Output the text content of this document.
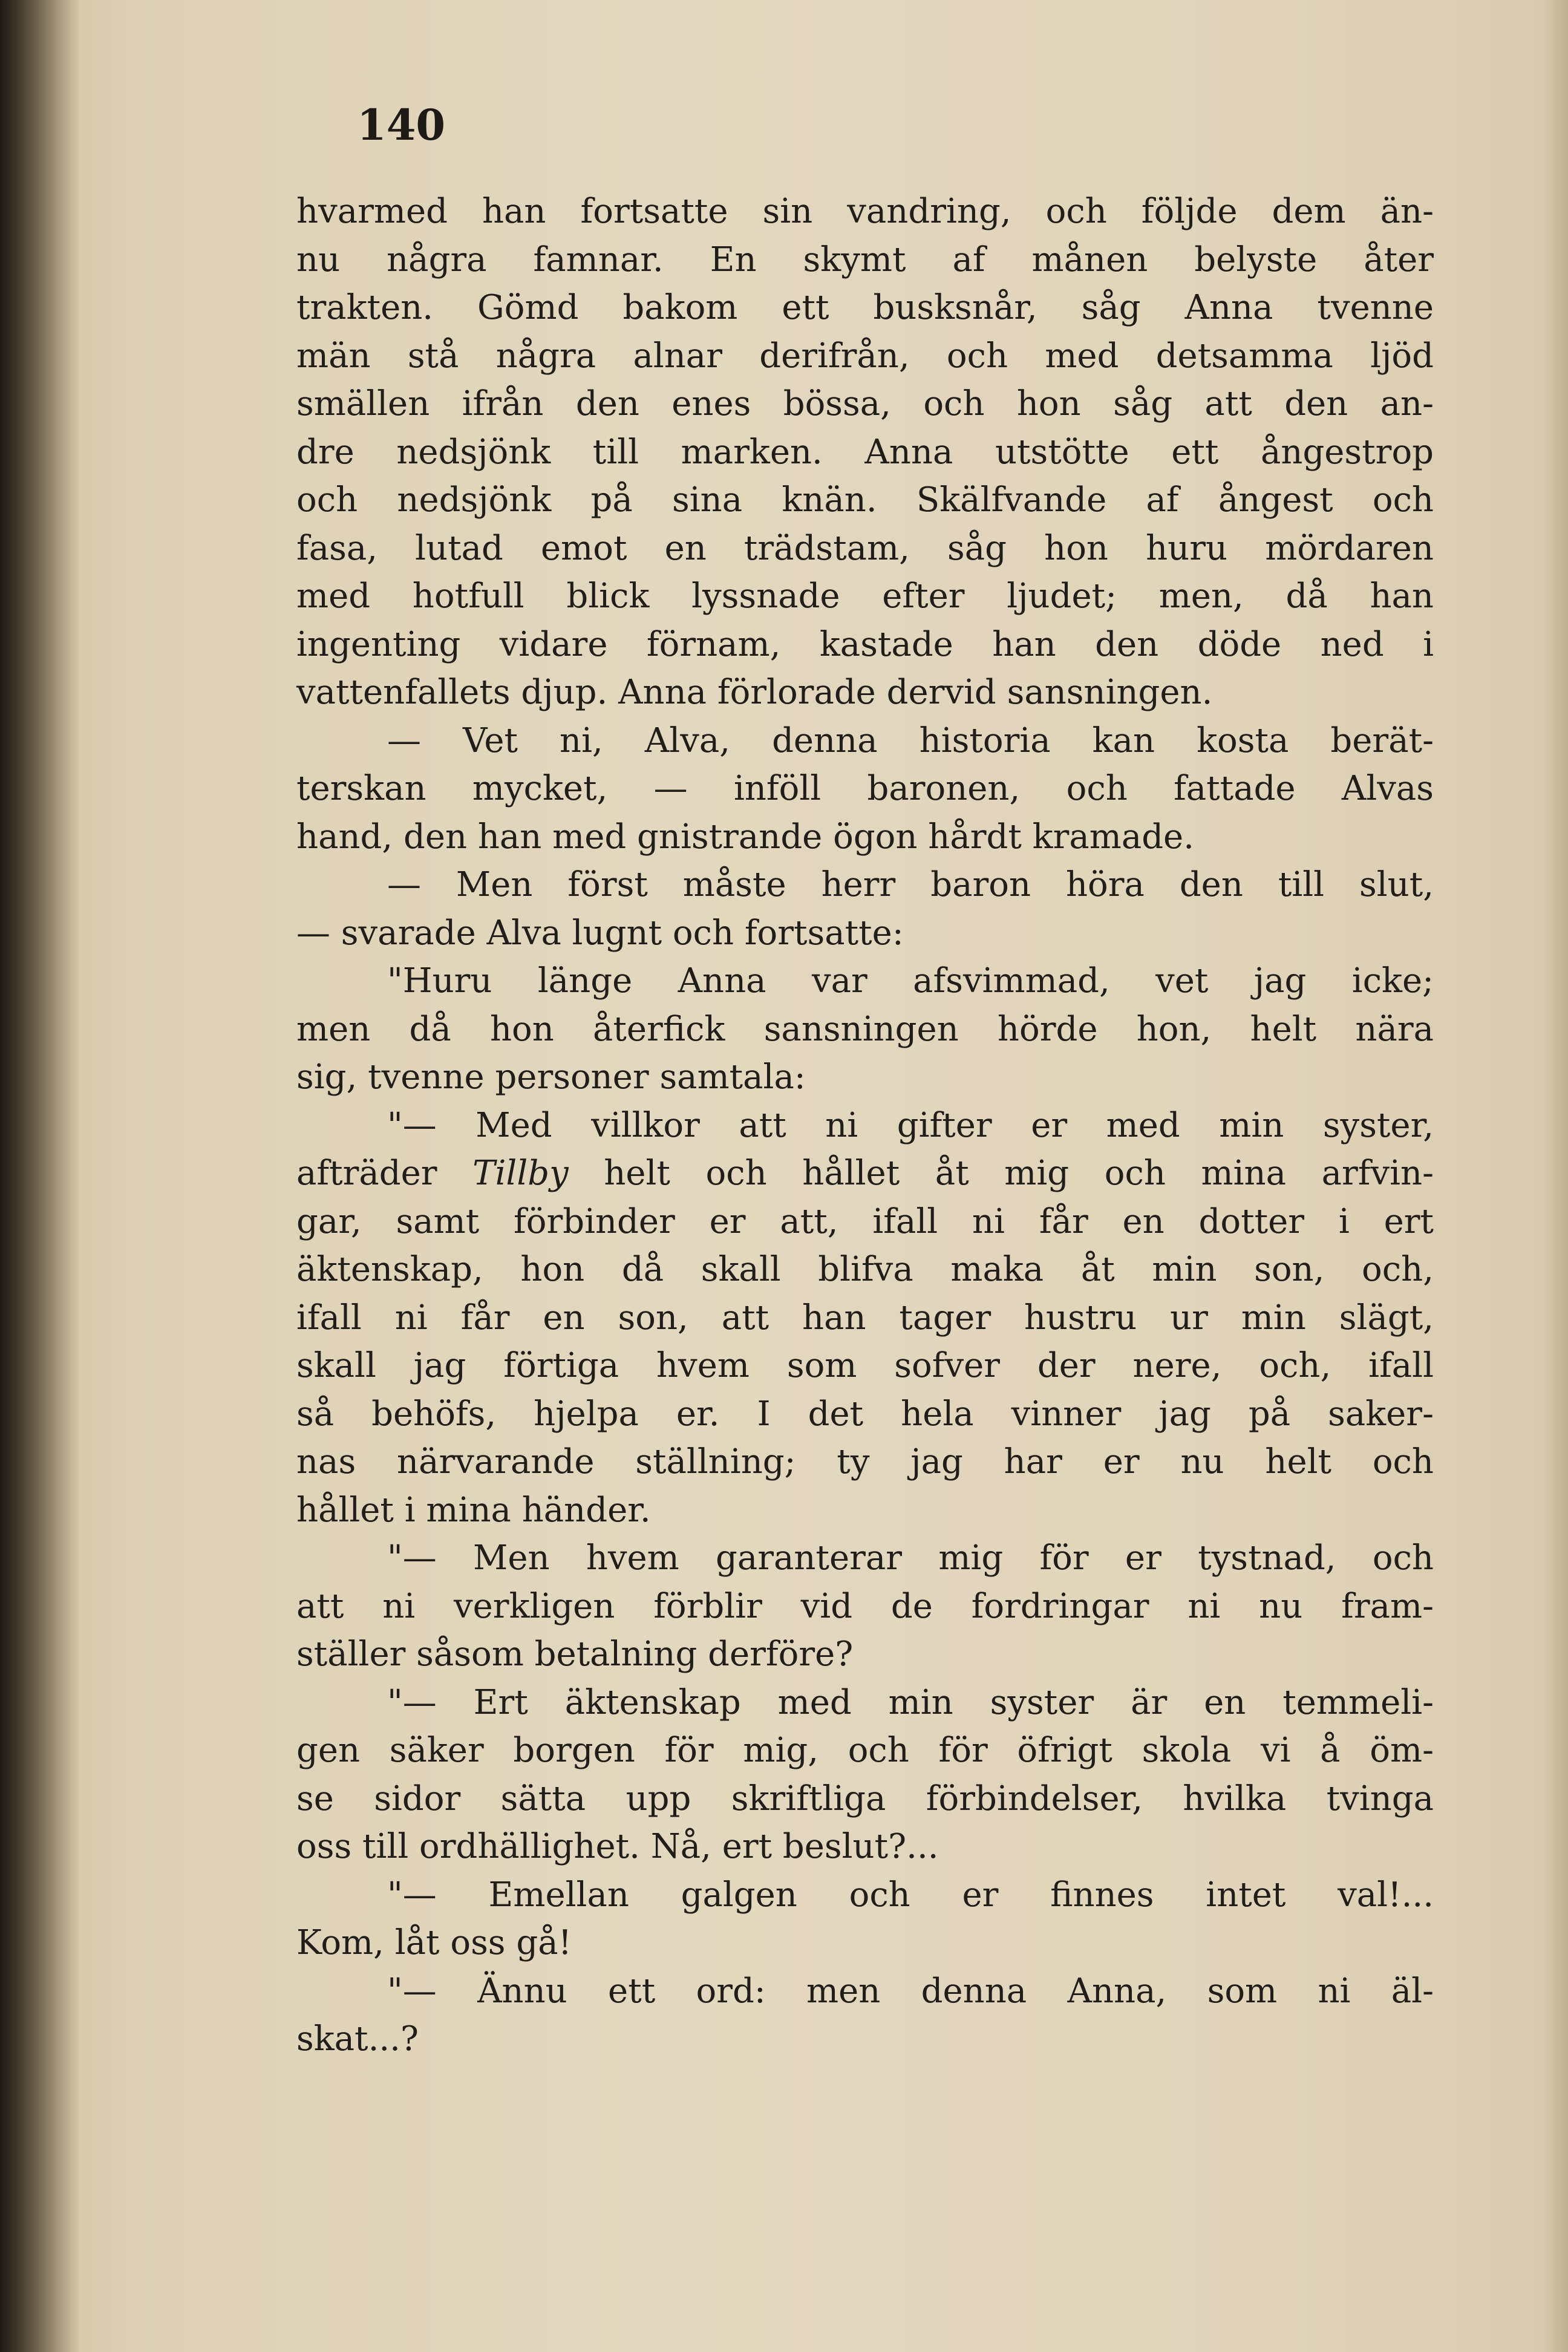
140
hvarmed han fortsatte sin vandring, och följde dem än-
nu några famnar. En skymt af månen belyste åter
trakten. Gömd bakom ett busksnår, såg Anna tvenne
män stå några alnar derifrån, och med detsamma ljöd
smällen ifrån den enes bössa, och hon såg att den an-
dre nedsjönk till marken. Anna utstötte ett ångestrop
och nedsjönk på sina knän. Skälfvande af ångest och
fasa, lutad emot en trädstam, såg hon huru mördaren
med hotfull blick lyssnade efter ljudet; men, då han
ingenting vidare förnam, kastade han den döde ned i
vattenfallets djup. Anna förlorade dervid sansningen.
— Vet ni, Alva, denna historia kan kosta berät-
terskan mycket, — inföll baronen, och fattade Alvas
hand, den han med gnistrande ögon hårdt kramade.
— Men först måste herr baron höra den till slut,
— svarade Alva lugnt och fortsatte:
"Huru länge Anna var afsvimmad, vet jag icke;
men då hon återfick sansningen hörde hon, helt nära
sig, tvenne personer samtala:
"— Med villkor att ni gifter er med min syster,
afträder Tillby helt och hållet åt mig och mina arfvin-
gar, samt förbinder er att, ifall ni får en dotter i ert
äktenskap, hon då skall blifva maka åt min son, och,
ifall ni får en son, att han tager hustru ur min slägt,
skall jag förtiga hvem som sofver der nere, och, ifall
så behöfs, hjelpa er. I det hela vinner jag på saker-
nas närvarande ställning; ty jag har er nu helt och
hållet i mina händer.
"— Men hvem garanterar mig för er tystnad, och
att ni verkligen förblir vid de fordringar ni nu fram-
ställer såsom betalning derföre?
"— Ert äktenskap med min syster är en temmeli-
gen säker borgen för mig, och för öfrigt skola vi å öm-
se sidor sätta upp skriftliga förbindelser, hvilka tvinga
oss till ordhällighet. Nå, ert beslut?...
"— Emellan galgen och er finnes intet val!...
Kom, låt oss gå!
"— Ännu ett ord: men denna Anna, som ni äl-
skat...?
